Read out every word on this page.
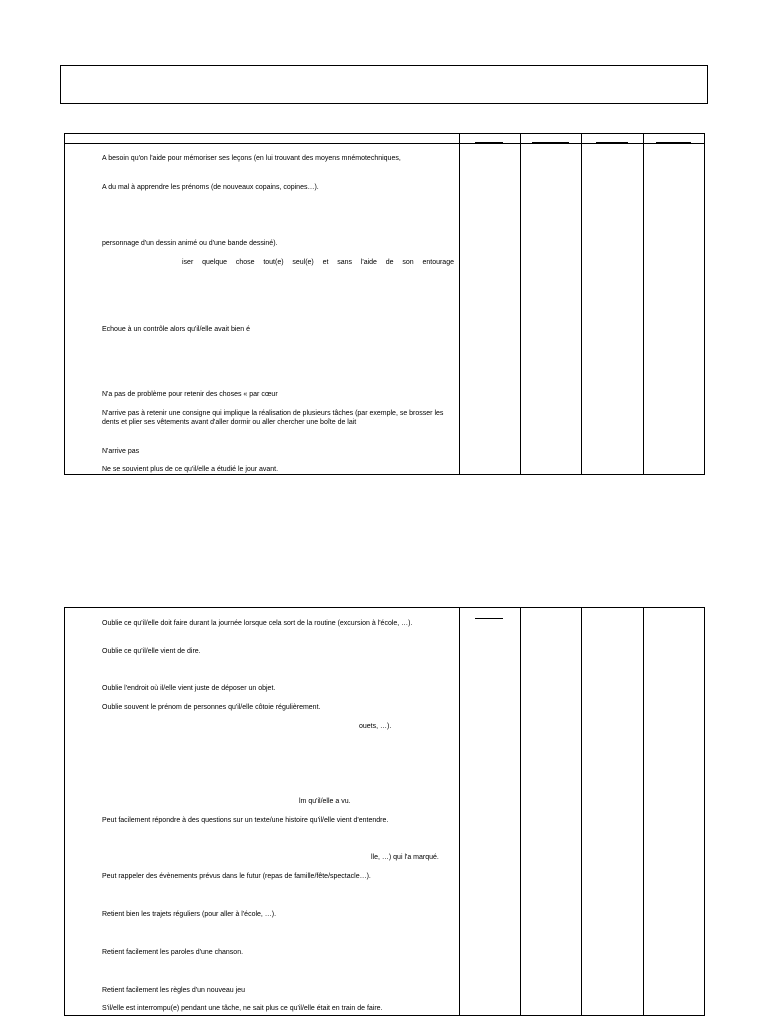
A besoin qu'on l'aide pour mémoriser ses leçons (en lui trouvant des moyens mnémotechniques,
A du mal à apprendre les prénoms (de nouveaux copains, copines…).
personnage d'un dessin animé ou d'une bande dessiné).
iser quelque chose tout(e) seul(e) et sans l'aide de son entourage
Echoue à un contrôle alors qu'il/elle avait bien é
N'a pas de problème pour retenir des choses « par cœur
N'arrive pas à retenir une consigne qui implique la réalisation de plusieurs tâches (par exemple, se brosser les dents et plier ses vêtements avant d'aller dormir ou aller chercher une boîte de lait
N'arrive pas
Ne se souvient plus de ce qu'il/elle a étudié le jour avant.
Oublie ce qu'il/elle doit faire durant la journée lorsque cela sort de la routine (excursion à l'école, …).
Oublie ce qu'il/elle vient de dire.
Oublie l'endroit où il/elle vient juste de déposer un objet.
Oublie souvent le prénom de personnes qu'il/elle côtoie régulièrement.
ouets, …).
lm qu'il/elle a vu.
Peut facilement répondre à des questions sur un texte/une histoire qu'il/elle vient d'entendre.
lle, …) qui l'a marqué.
Peut rappeler des évènements prévus dans le futur (repas de famille/fête/spectacle…).
Retient bien les trajets réguliers (pour aller à l'école, …).
Retient facilement les paroles d'une chanson.
Retient facilement les règles d'un nouveau jeu
S'il/elle est interrompu(e) pendant une tâche, ne sait plus ce qu'il/elle était en train de faire.
